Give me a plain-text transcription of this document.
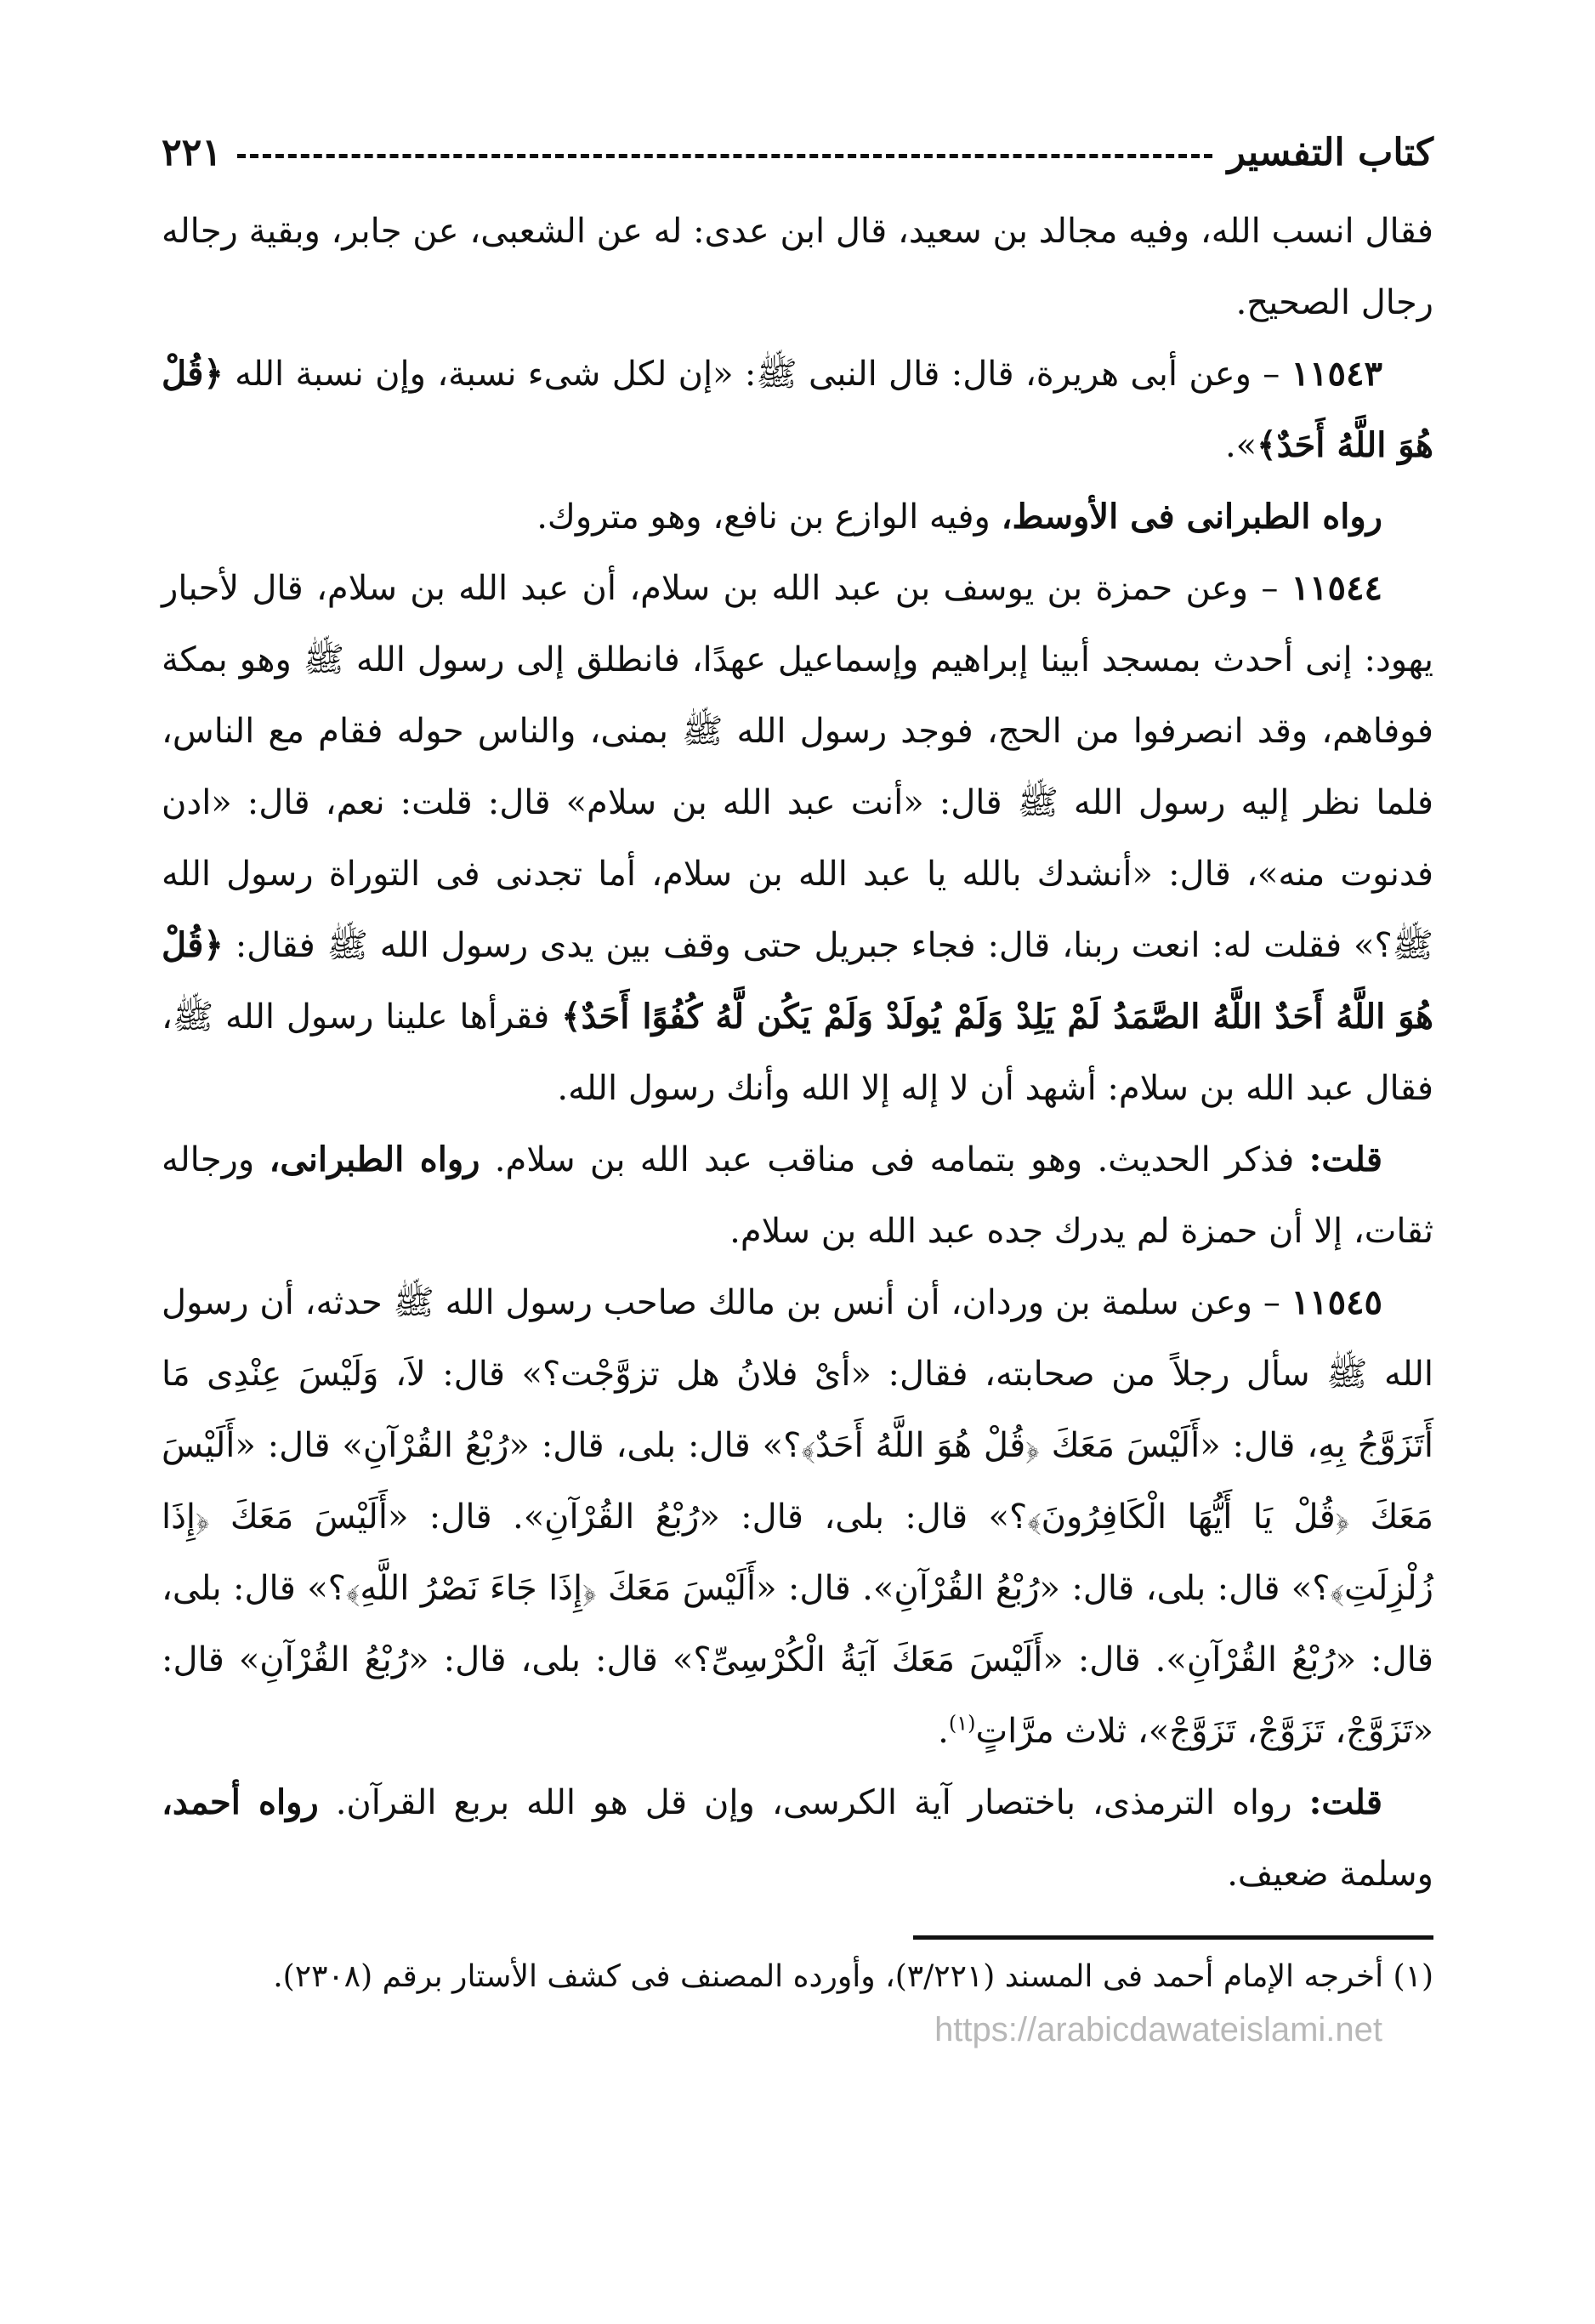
كتاب التفسير
٢٢١

فقال انسب الله، وفيه مجالد بن سعيد، قال ابن عدى: له عن الشعبى، عن جابر، وبقية رجاله رجال الصحيح.

١١٥٤٣ – وعن أبى هريرة، قال: قال النبى ﷺ: «إن لكل شىء نسبة، وإن نسبة الله ﴿قُلْ هُوَ اللَّهُ أَحَدٌ﴾».

رواه الطبرانى فى الأوسط، وفيه الوازع بن نافع، وهو متروك.

١١٥٤٤ – وعن حمزة بن يوسف بن عبد الله بن سلام، أن عبد الله بن سلام، قال لأحبار يهود: إنى أحدث بمسجد أبينا إبراهيم وإسماعيل عهدًا، فانطلق إلى رسول الله ﷺ وهو بمكة فوفاهم، وقد انصرفوا من الحج، فوجد رسول الله ﷺ بمنى، والناس حوله فقام مع الناس، فلما نظر إليه رسول الله ﷺ قال: «أنت عبد الله بن سلام» قال: قلت: نعم، قال: «ادن فدنوت منه»، قال: «أنشدك بالله يا عبد الله بن سلام، أما تجدنى فى التوراة رسول الله ﷺ؟» فقلت له: انعت ربنا، قال: فجاء جبريل حتى وقف بين يدى رسول الله ﷺ فقال: ﴿قُلْ هُوَ اللَّهُ أَحَدٌ اللَّهُ الصَّمَدُ لَمْ يَلِدْ وَلَمْ يُولَدْ وَلَمْ يَكُن لَّهُ كُفُوًا أَحَدٌ﴾ فقرأها علينا رسول الله ﷺ، فقال عبد الله بن سلام: أشهد أن لا إله إلا الله وأنك رسول الله.

قلت: فذكر الحديث. وهو بتمامه فى مناقب عبد الله بن سلام. رواه الطبرانى، ورجاله ثقات، إلا أن حمزة لم يدرك جده عبد الله بن سلام.

١١٥٤٥ – وعن سلمة بن وردان، أن أنس بن مالك صاحب رسول الله ﷺ حدثه، أن رسول الله ﷺ سأل رجلاً من صحابته، فقال: «أىْ فلانُ هل تزوَّجْت؟» قال: لاَ، وَلَيْسَ عِنْدِى مَا أَتَزَوَّجُ بِهِ، قال: «أَلَيْسَ مَعَكَ ﴿قُلْ هُوَ اللَّهُ أَحَدٌ﴾؟» قال: بلى، قال: «رُبْعُ القُرْآنِ» قال: «أَلَيْسَ مَعَكَ ﴿قُلْ يَا أَيُّهَا الْكَافِرُونَ﴾؟» قال: بلى، قال: «رُبْعُ القُرْآنِ». قال: «أَلَيْسَ مَعَكَ ﴿إِذَا زُلْزِلَتِ﴾؟» قال: بلى، قال: «رُبْعُ القُرْآنِ». قال: «أَلَيْسَ مَعَكَ ﴿إِذَا جَاءَ نَصْرُ اللَّهِ﴾؟» قال: بلى، قال: «رُبْعُ القُرْآنِ». قال: «أَلَيْسَ مَعَكَ آيَةُ الْكُرْسِىِّ؟» قال: بلى، قال: «رُبْعُ القُرْآنِ» قال: «تَزَوَّجْ، تَزَوَّجْ، تَزَوَّجْ»، ثلاث مرَّاتٍ$^{(١)}$.

قلت: رواه الترمذى، باختصار آية الكرسى، وإن قل هو الله بربع القرآن. رواه أحمد، وسلمة ضعيف.

(١) أخرجه الإمام أحمد فى المسند (٣/٢٢١)، وأورده المصنف فى كشف الأستار برقم (٢٣٠٨).
https://arabicdawateislami.net
